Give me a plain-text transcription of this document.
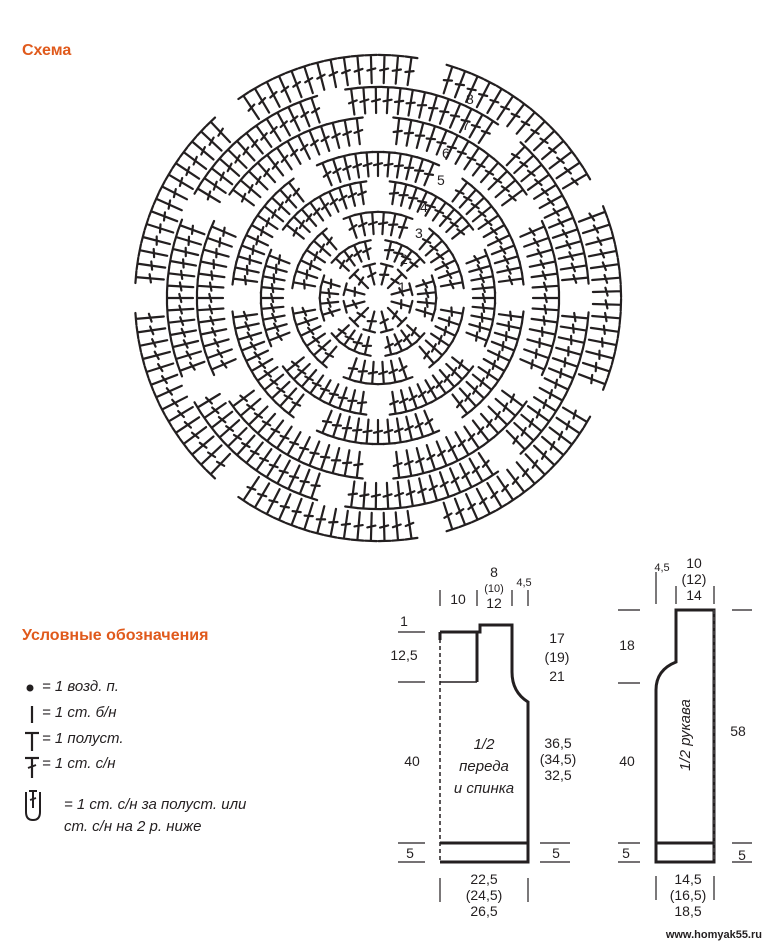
Схема
1
2
3
4
5
6
7
8
10
8
(10)
12
4,5
1
12,5
40
5
17
(19)
21
36,5
(34,5)
32,5
5
22,5
(24,5)
26,5
1/2
переда
и спинка
4,5 10
(12)
14
18
40
5
58
5
14,5
(16,5)
18,5
1/2 рукава
Условные обозначения
= 1 возд. п.
= 1 ст. б/н
= 1 полуст.
= 1 ст. с/н
= 1 ст. с/н за полуст. или
ст. с/н на 2 р. ниже
www.homyak55.ru
